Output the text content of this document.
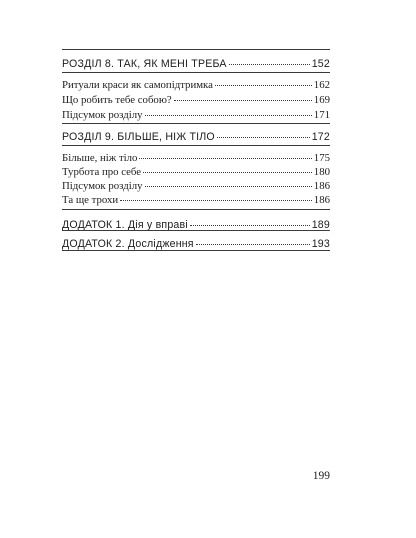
РОЗДІЛ 8. ТАК, ЯК МЕНІ ТРЕБА	152
Ритуали краси як самопідтримка	162
Що робить тебе собою?	169
Підсумок розділу	171
РОЗДІЛ 9. БІЛЬШЕ, НІЖ ТІЛО	172
Більше, ніж тіло	175
Турбота про себе	180
Підсумок розділу	186
Та ще трохи	186
ДОДАТОК 1. Дія у вправі	189
ДОДАТОК 2. Дослідження	193
199
